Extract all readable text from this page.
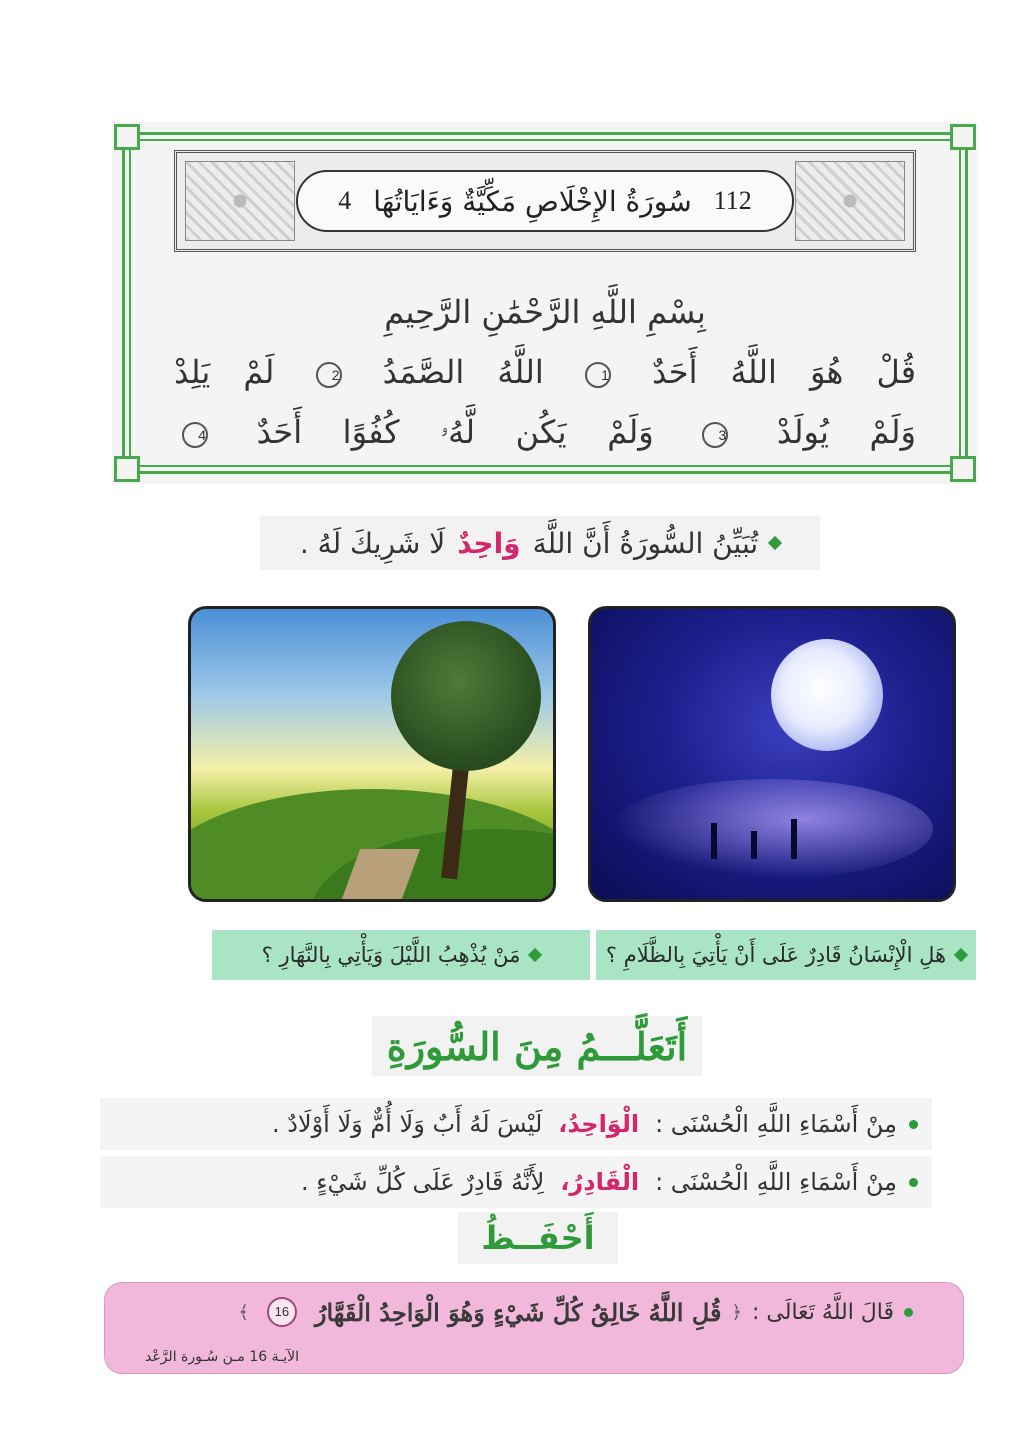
112
سُورَةُ الإِخْلَاصِ مَكِّيَّةٌ وَءَايَاتُهَا
4
بِسْمِ اللَّهِ الرَّحْمَٰنِ الرَّحِيمِ
قُلْ هُوَ اللَّهُ أَحَدٌ 1 اللَّهُ الصَّمَدُ 2 لَمْ يَلِدْ
وَلَمْ يُولَدْ 3 وَلَمْ يَكُن لَّهُۥ كُفُوًا أَحَدٌ 4
تُبَيِّنُ السُّورَةُ أَنَّ اللَّهَ
وَاحِدٌ
لَا شَرِيكَ لَهُ .
هَلِ الْإِنْسَانُ قَادِرٌ عَلَى أَنْ يَأْتِيَ بِالظَّلَامِ ؟
مَنْ يُذْهِبُ اللَّيْلَ وَيَأْتِي بِالنَّهَارِ ؟
أَتَعَلَّـــمُ مِنَ السُّورَةِ
مِنْ أَسْمَاءِ اللَّهِ الْحُسْنَى :
الْوَاحِدُ،
لَيْسَ لَهُ أَبٌ وَلَا أُمٌّ وَلَا أَوْلَادٌ .
مِنْ أَسْمَاءِ اللَّهِ الْحُسْنَى :
الْقَادِرُ،
لِأَنَّهُ قَادِرٌ عَلَى كُلِّ شَيْءٍ .
أَحْفَــظُ
قَالَ اللَّهُ تَعَالَى :
﴿
قُلِ اللَّهُ خَالِقُ كُلِّ شَيْءٍ وَهُوَ الْوَاحِدُ الْقَهَّارُ
16
﴾
الآيـة 16 مـن سُـورة الرَّعْد
